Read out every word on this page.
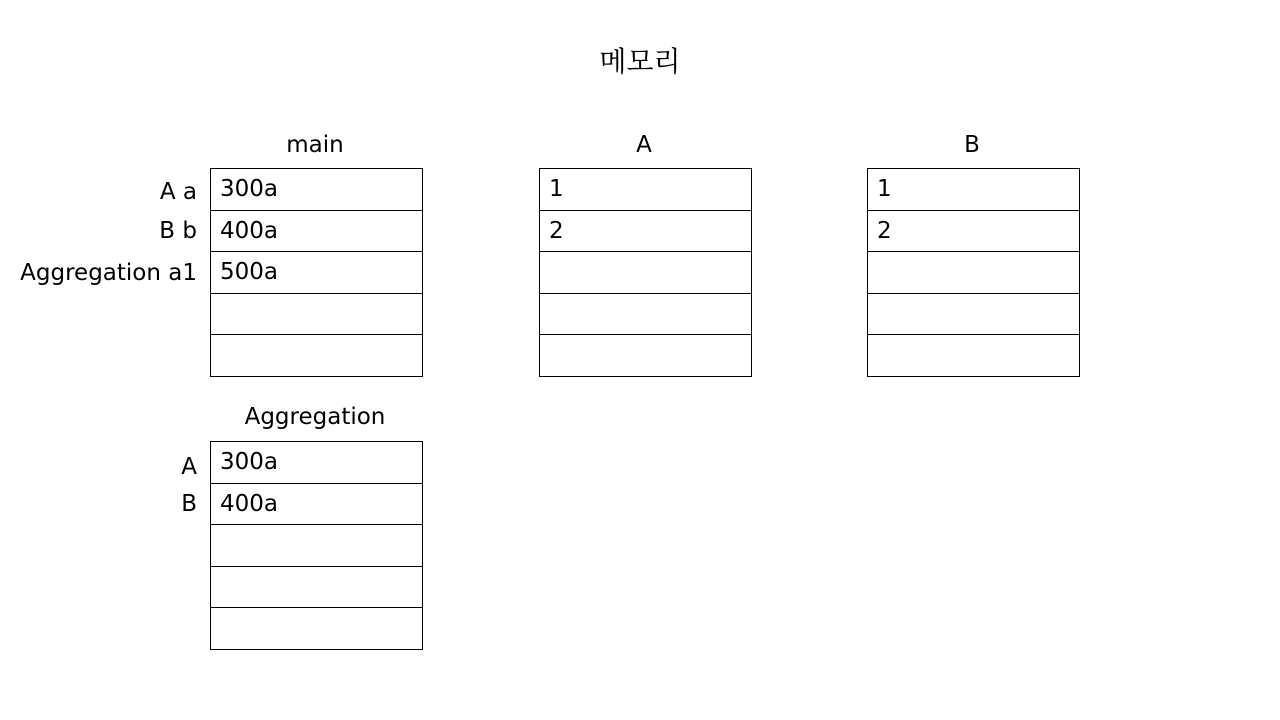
메모리
main
A a
B b
Aggregation a1
300a
400a
500a
A
1
2
B
1
2
Aggregation
A
B
300a
400a
